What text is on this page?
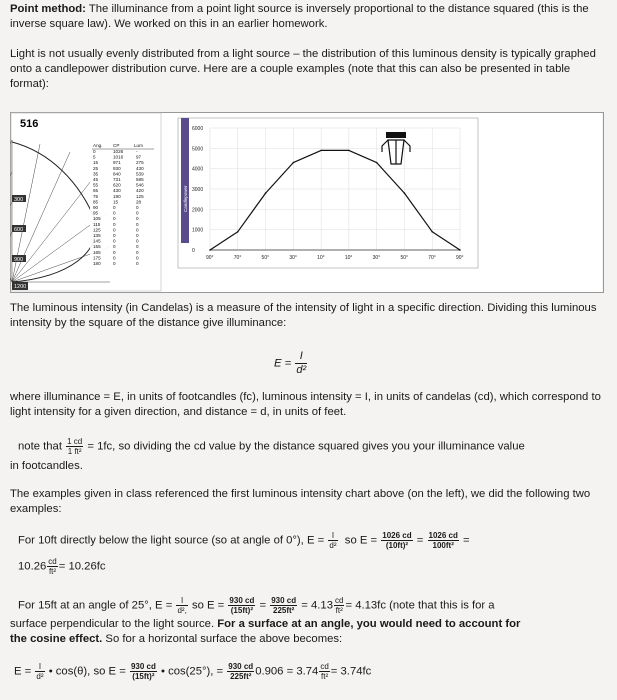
Point method: The illuminance from a point light source is inversely proportional to the distance squared (this is the inverse square law). We worked on this in an earlier homework.
Light is not usually evenly distributed from a light source – the distribution of this luminous density is typically graphed onto a candlepower distribution curve. Here are a couple examples (note that this can also be presented in table format):
516
300
600
900
1200
Ang. CP	Lum
0	1026	-
5	1016	97
15	971	275
25	930	430
35	840	539
45	731	585
55	620	546
65	430	420
75	190	125
85	15	28
90	0	0
95	0	0
105	0	0
115	0	0
125	0	0
135	0	0
145	0	0
155	0	0
165	0	0
175	0	0
180	0	0
Candlepower
6000
5000
4000
3000
2000
1000
0
90°	70°	50°	30°	10°	10°	30°	50°	70°	90°
The luminous intensity (in Candelas) is a measure of the intensity of light in a specific direction. Dividing this luminous intensity by the square of the distance give illuminance:
$E = \frac{I}{\text{d²}}$
where illuminance = E, in units of footcandles (fc), luminous intensity = I, in units of candelas (cd), which correspond to light intensity for a given direction, and distance = d, in units of feet.
note that $\frac{1 cd}{\text{1 ft²}} = 1fc$, so dividing the cd value by the distance squared gives you your illuminance value
in footcandles.
The examples given in class referenced the first luminous intensity chart above (on the left), we did the following two examples:
For 10ft directly below the light source (so at angle of 0°), $E = \frac{I}{\text{d²}}$ so $E = \frac{1026 cd}{\text{(10ft)²}} = \frac{1026 cd}{\text{100ft²}}$ =
$10.26 \frac{cd}{\text{ft²}} = 10.26fc$
For 15ft at an angle of 25°, $E = \frac{I}{\text{d²,}}$ so $E = \frac{930 cd}{\text{(15ft)²}} = \frac{930 cd}{\text{225ft²}} = 4.13 \frac{cd}{\text{ft²}} = 4.13fc$ (note that this is for a
surface perpendicular to the light source. For a surface at an angle, you would need to account for
the cosine effect. So for a horizontal surface the above becomes:
$E = \frac{I}{\text{d²}}$ • cos(θ), so $E = \frac{930 cd}{\text{(15ft)²}}$ • cos(25°), = $\frac{930 cd}{\text{225ft²}} 0.906 = 3.74 \frac{cd}{\text{ft²}} = 3.74fc$
